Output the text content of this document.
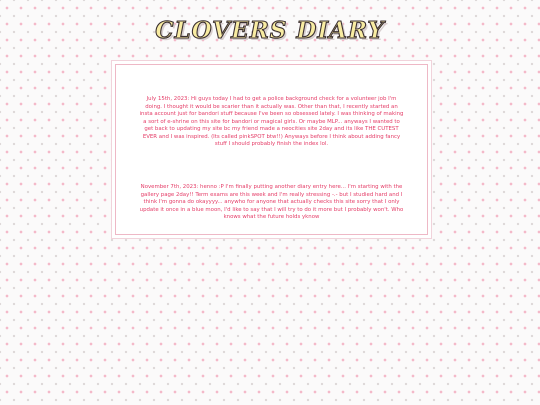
CLOVERS DIARY
July 15th, 2023: Hi guys today I had to get a police background check for a volunteer job I'm doing. I thought it would be scarier than it actually was. Other than that, I recently started an insta account just for bandori stuff because I've been so obsessed lately. I was thinking of making a sort of e-shrine on this site for bandori or magical girls. Or maybe MLP... anyways I wanted to get back to updating my site bc my friend made a neocities site 2day and its like THE CUTEST EVER and I was inspired. (Its called pinkSPOT btw!!) Anyways before I think about adding fancy stuff I should probably finish the index lol.
November 7th, 2023: henno :P I'm finally putting another diary entry here... I'm starting with the gallery page 2day!! Term exams are this week and I'm really stressing -.- but I studied hard and I think I'm gonna do okayyyy... anywho for anyone that actually checks this site sorry that I only update it once in a blue moon, I'd like to say that I will try to do it more but I probably won't. Who knows what the future holds yknow
